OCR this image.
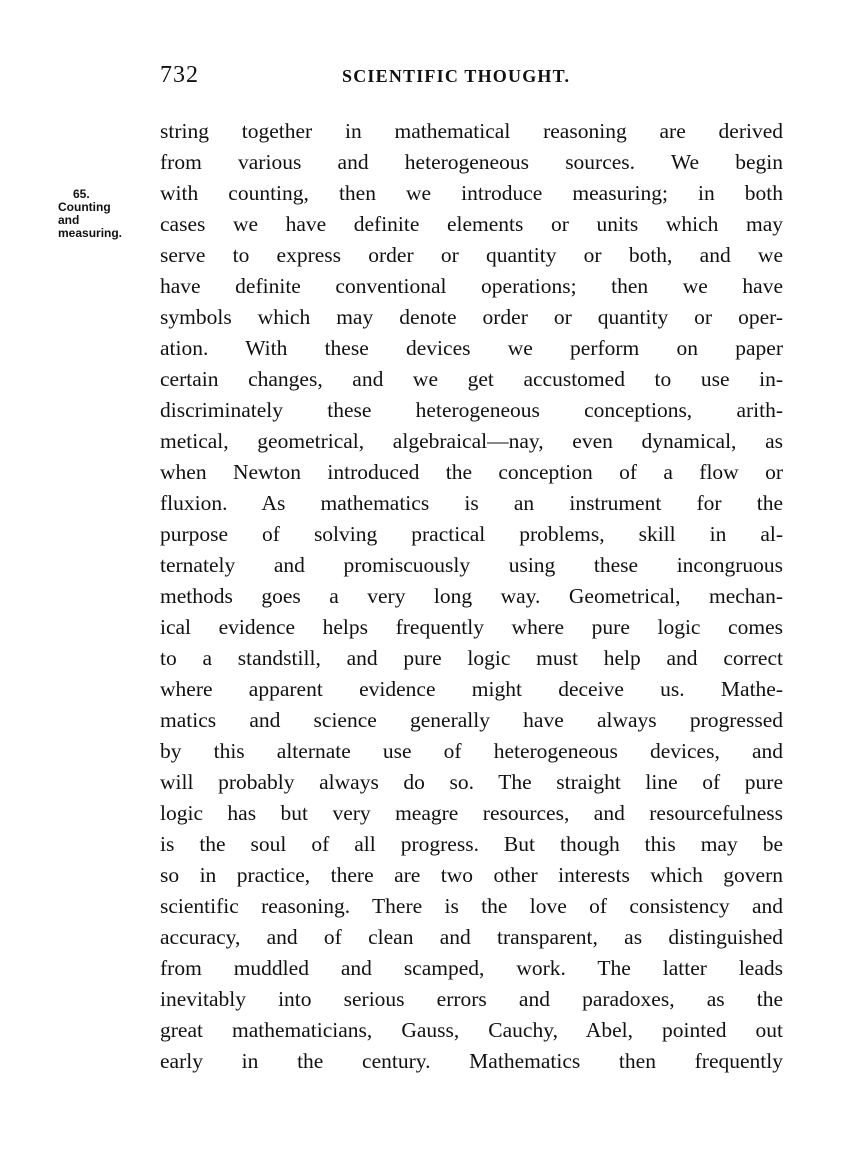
732	SCIENTIFIC THOUGHT.
65.
Counting
and
measuring.
string together in mathematical reasoning are derived
from various and heterogeneous sources. We begin
with counting, then we introduce measuring; in both
cases we have definite elements or units which may
serve to express order or quantity or both, and we
have definite conventional operations; then we have
symbols which may denote order or quantity or oper-
ation. With these devices we perform on paper
certain changes, and we get accustomed to use in-
discriminately these heterogeneous conceptions, arith-
metical, geometrical, algebraical—nay, even dynamical, as
when Newton introduced the conception of a flow or
fluxion. As mathematics is an instrument for the
purpose of solving practical problems, skill in al-
ternately and promiscuously using these incongruous
methods goes a very long way. Geometrical, mechan-
ical evidence helps frequently where pure logic comes
to a standstill, and pure logic must help and correct
where apparent evidence might deceive us. Mathe-
matics and science generally have always progressed
by this alternate use of heterogeneous devices, and
will probably always do so. The straight line of pure
logic has but very meagre resources, and resourcefulness
is the soul of all progress. But though this may be
so in practice, there are two other interests which govern
scientific reasoning. There is the love of consistency and
accuracy, and of clean and transparent, as distinguished
from muddled and scamped, work. The latter leads
inevitably into serious errors and paradoxes, as the
great mathematicians, Gauss, Cauchy, Abel, pointed out
early in the century. Mathematics then frequently
